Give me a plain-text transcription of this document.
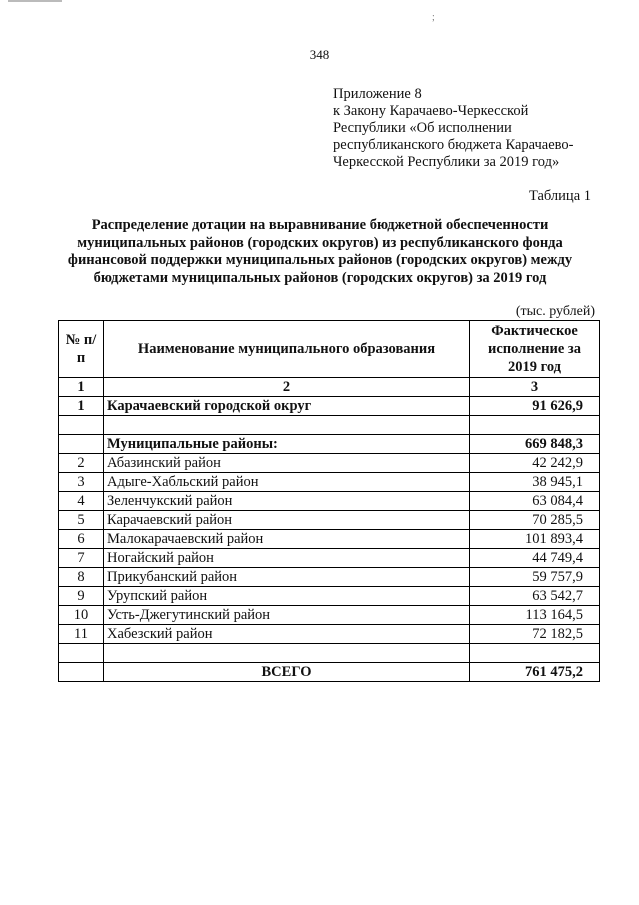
;
348
Приложение 8
к Закону Карачаево-Черкесской
Республики «Об исполнении
республиканского бюджета Карачаево-
Черкесской Республики за 2019 год»
Таблица 1
Распределение дотации на выравнивание бюджетной обеспеченности
муниципальных районов (городских округов) из республиканского фонда
финансовой поддержки муниципальных районов (городских округов) между
бюджетами муниципальных районов (городских округов) за 2019 год
(тыс. рублей)
№ п/п	Наименование муниципального образования	Фактическое исполнение за 2019 год
1	2	3
1	Карачаевский городской округ	91 626,9

	Муниципальные районы:	669 848,3
2	Абазинский район	42 242,9
3	Адыге-Хабльский район	38 945,1
4	Зеленчукский район	63 084,4
5	Карачаевский район	70 285,5
6	Малокарачаевский район	101 893,4
7	Ногайский район	44 749,4
8	Прикубанский район	59 757,9
9	Урупский район	63 542,7
10	Усть-Джегутинский район	113 164,5
11	Хабезский район	72 182,5

	ВСЕГО	761 475,2
